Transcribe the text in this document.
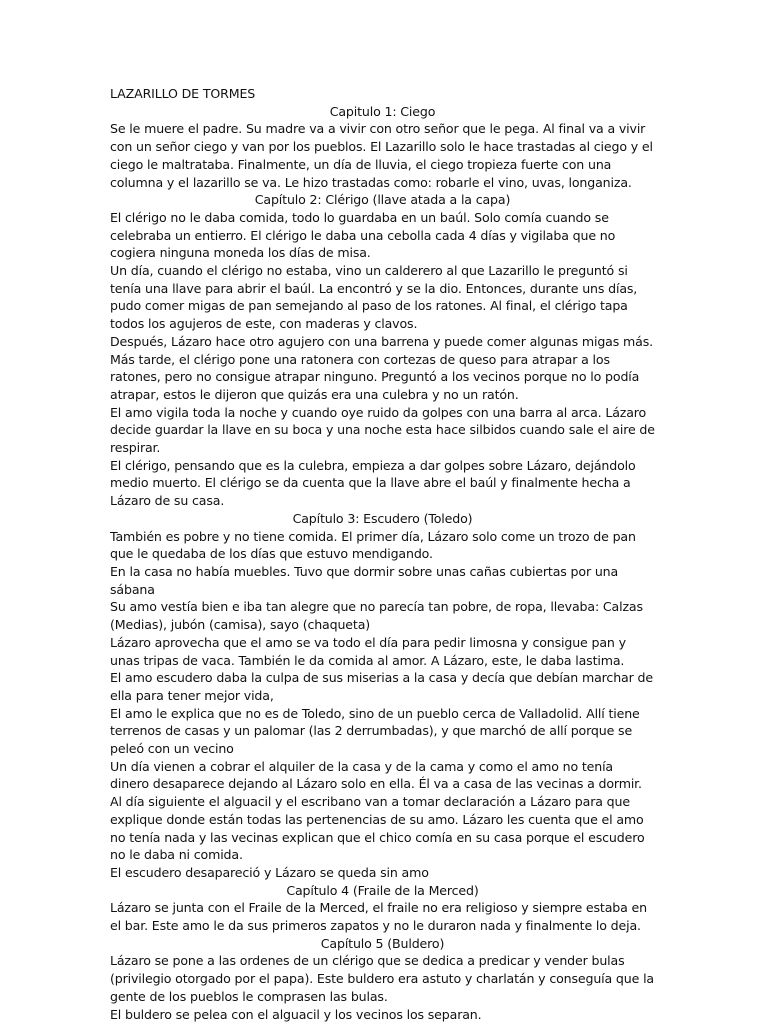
LAZARILLO DE TORMES

Capitulo 1: Ciego

Se le muere el padre. Su madre va a vivir con otro señor que le pega. Al final va a vivir con un señor ciego y van por los pueblos. El Lazarillo solo le hace trastadas al ciego y el ciego le maltrataba. Finalmente, un día de lluvia, el ciego tropieza fuerte con una columna y el lazarillo se va. Le hizo trastadas como: robarle el vino, uvas, longaniza.

Capítulo 2: Clérigo (llave atada a la capa)

El clérigo no le daba comida, todo lo guardaba en un baúl. Solo comía cuando se celebraba un entierro. El clérigo le daba una cebolla cada 4 días y vigilaba que no cogiera ninguna moneda los días de misa.

Un día, cuando el clérigo no estaba, vino un calderero al que Lazarillo le preguntó si tenía una llave para abrir el baúl. La encontró y se la dio. Entonces, durante uns días, pudo comer migas de pan semejando al paso de los ratones. Al final, el clérigo tapa todos los agujeros de este, con maderas y clavos.

Después, Lázaro hace otro agujero con una barrena y puede comer algunas migas más.

Más tarde, el clérigo pone una ratonera con cortezas de queso para atrapar a los ratones, pero no consigue atrapar ninguno. Preguntó a los vecinos porque no lo podía atrapar, estos le dijeron que quizás era una culebra y no un ratón.

El amo vigila toda la noche y cuando oye ruido da golpes con una barra al arca. Lázaro decide guardar la llave en su boca y una noche esta hace silbidos cuando sale el aire de respirar.

El clérigo, pensando que es la culebra, empieza a dar golpes sobre Lázaro, dejándolo medio muerto. El clérigo se da cuenta que la llave abre el baúl y finalmente hecha a Lázaro de su casa.

Capítulo 3: Escudero (Toledo)

También es pobre y no tiene comida. El primer día, Lázaro solo come un trozo de pan que le quedaba de los días que estuvo mendigando.

En la casa no había muebles. Tuvo que dormir sobre unas cañas cubiertas por una sábana

Su amo vestía bien e iba tan alegre que no parecía tan pobre, de ropa, llevaba: Calzas (Medias), jubón (camisa), sayo (chaqueta)

Lázaro aprovecha que el amo se va todo el día para pedir limosna y consigue pan y unas tripas de vaca. También le da comida al amor. A Lázaro, este, le daba lastima.

El amo escudero daba la culpa de sus miserias a la casa y decía que debían marchar de ella para tener mejor vida,

El amo le explica que no es de Toledo, sino de un pueblo cerca de Valladolid. Allí tiene terrenos de casas y un palomar (las 2 derrumbadas), y que marchó de allí porque se peleó con un vecino

Un día vienen a cobrar el alquiler de la casa y de la cama y como el amo no tenía dinero desaparece dejando al Lázaro solo en ella. Él va a casa de las vecinas a dormir. Al día siguiente el alguacil y el escribano van a tomar declaración a Lázaro para que explique donde están todas las pertenencias de su amo. Lázaro les cuenta que el amo no tenía nada y las vecinas explican que el chico comía en su casa porque el escudero no le daba ni comida.

El escudero desapareció y Lázaro se queda sin amo

Capítulo 4 (Fraile de la Merced)

Lázaro se junta con el Fraile de la Merced, el fraile no era religioso y siempre estaba en el bar. Este amo le da sus primeros zapatos y no le duraron nada y finalmente lo deja.

Capítulo 5 (Buldero)

Lázaro se pone a las ordenes de un clérigo que se dedica a predicar y vender bulas (privilegio otorgado por el papa). Este buldero era astuto y charlatán y conseguía que la gente de los pueblos le comprasen las bulas.

El buldero se pelea con el alguacil y los vecinos los separan.
